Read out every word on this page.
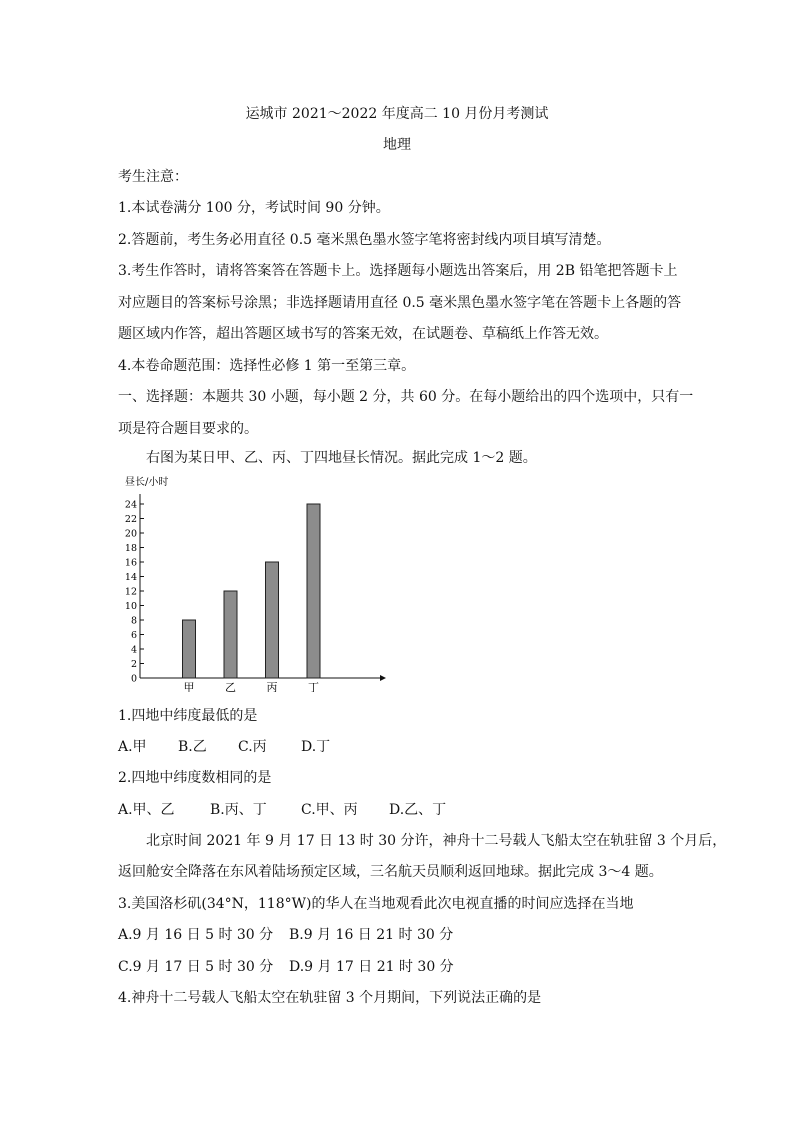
运城市 2021～2022 年度高二 10 月份月考测试
地理
考生注意：
1.本试卷满分 100 分，考试时间 90 分钟。
2.答题前，考生务必用直径 0.5 毫米黑色墨水签字笔将密封线内项目填写清楚。
3.考生作答时，请将答案答在答题卡上。选择题每小题选出答案后，用 2B 铅笔把答题卡上
对应题目的答案标号涂黑；非选择题请用直径 0.5 毫米黑色墨水签字笔在答题卡上各题的答
题区域内作答，超出答题区域书写的答案无效，在试题卷、草稿纸上作答无效。
4.本卷命题范围：选择性必修 1 第一至第三章。
一、选择题：本题共 30 小题，每小题 2 分，共 60 分。在每小题给出的四个选项中，只有一
项是符合题目要求的。
右图为某日甲、乙、丙、丁四地昼长情况。据此完成 1～2 题。
昼长/小时
0
2
4
6
8
10
12
14
16
18
20
22
24
甲	乙	丙	丁
1.四地中纬度最低的是
A.甲 B.乙 C.丙 D.丁
2.四地中纬度数相同的是
A.甲、乙	B.丙、丁 C.甲、丙 D.乙、丁
北京时间 2021 年 9 月 17 日 13 时 30 分许，神舟十二号载人飞船太空在轨驻留 3 个月后，
返回舱安全降落在东风着陆场预定区域，三名航天员顺利返回地球。据此完成 3～4 题。
3.美国洛杉矶(34°N，118°W)的华人在当地观看此次电视直播的时间应选择在当地
A.9 月 16 日 5 时 30 分 B.9 月 16 日 21 时 30 分
C.9 月 17 日 5 时 30 分 D.9 月 17 日 21 时 30 分
4.神舟十二号载人飞船太空在轨驻留 3 个月期间，下列说法正确的是
